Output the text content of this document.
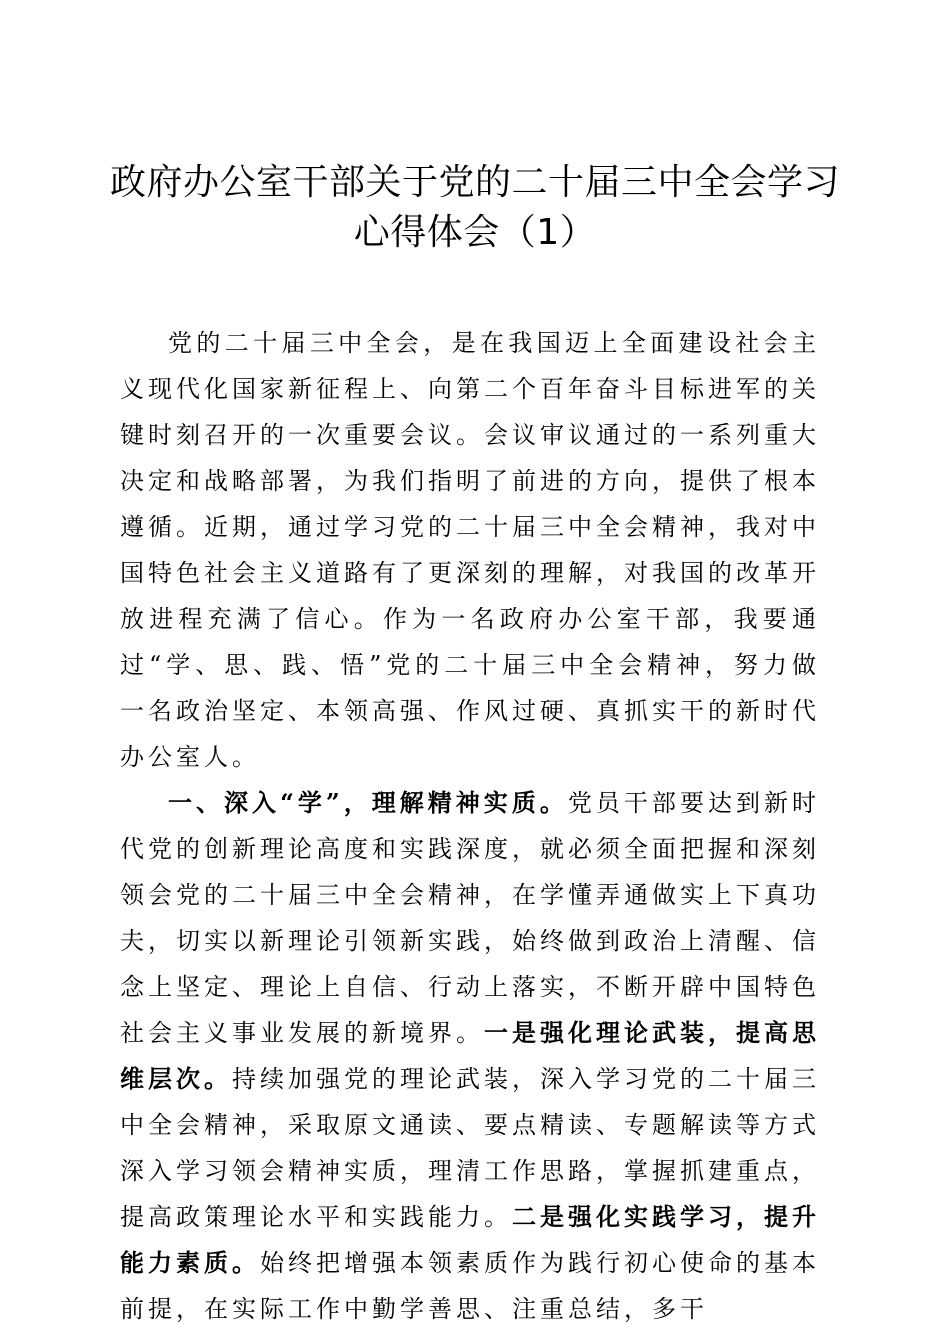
政府办公室干部关于党的二十届三中全会学习
心得体会（1）

党的二十届三中全会，是在我国迈上全面建设社会主义现代化国家新征程上、向第二个百年奋斗目标进军的关键时刻召开的一次重要会议。会议审议通过的一系列重大决定和战略部署，为我们指明了前进的方向，提供了根本遵循。近期，通过学习党的二十届三中全会精神，我对中国特色社会主义道路有了更深刻的理解，对我国的改革开放进程充满了信心。作为一名政府办公室干部，我要通过“学、思、践、悟”党的二十届三中全会精神，努力做一名政治坚定、本领高强、作风过硬、真抓实干的新时代办公室人。

一、深入“学”，理解精神实质。党员干部要达到新时代党的创新理论高度和实践深度，就必须全面把握和深刻领会党的二十届三中全会精神，在学懂弄通做实上下真功夫，切实以新理论引领新实践，始终做到政治上清醒、信念上坚定、理论上自信、行动上落实，不断开辟中国特色社会主义事业发展的新境界。一是强化理论武装，提高思维层次。持续加强党的理论武装，深入学习党的二十届三中全会精神，采取原文通读、要点精读、专题解读等方式深入学习领会精神实质，理清工作思路，掌握抓建重点，提高政策理论水平和实践能力。二是强化实践学习，提升能力素质。始终把增强本领素质作为践行初心使命的基本前提，在实际工作中勤学善思、注重总结，多干
